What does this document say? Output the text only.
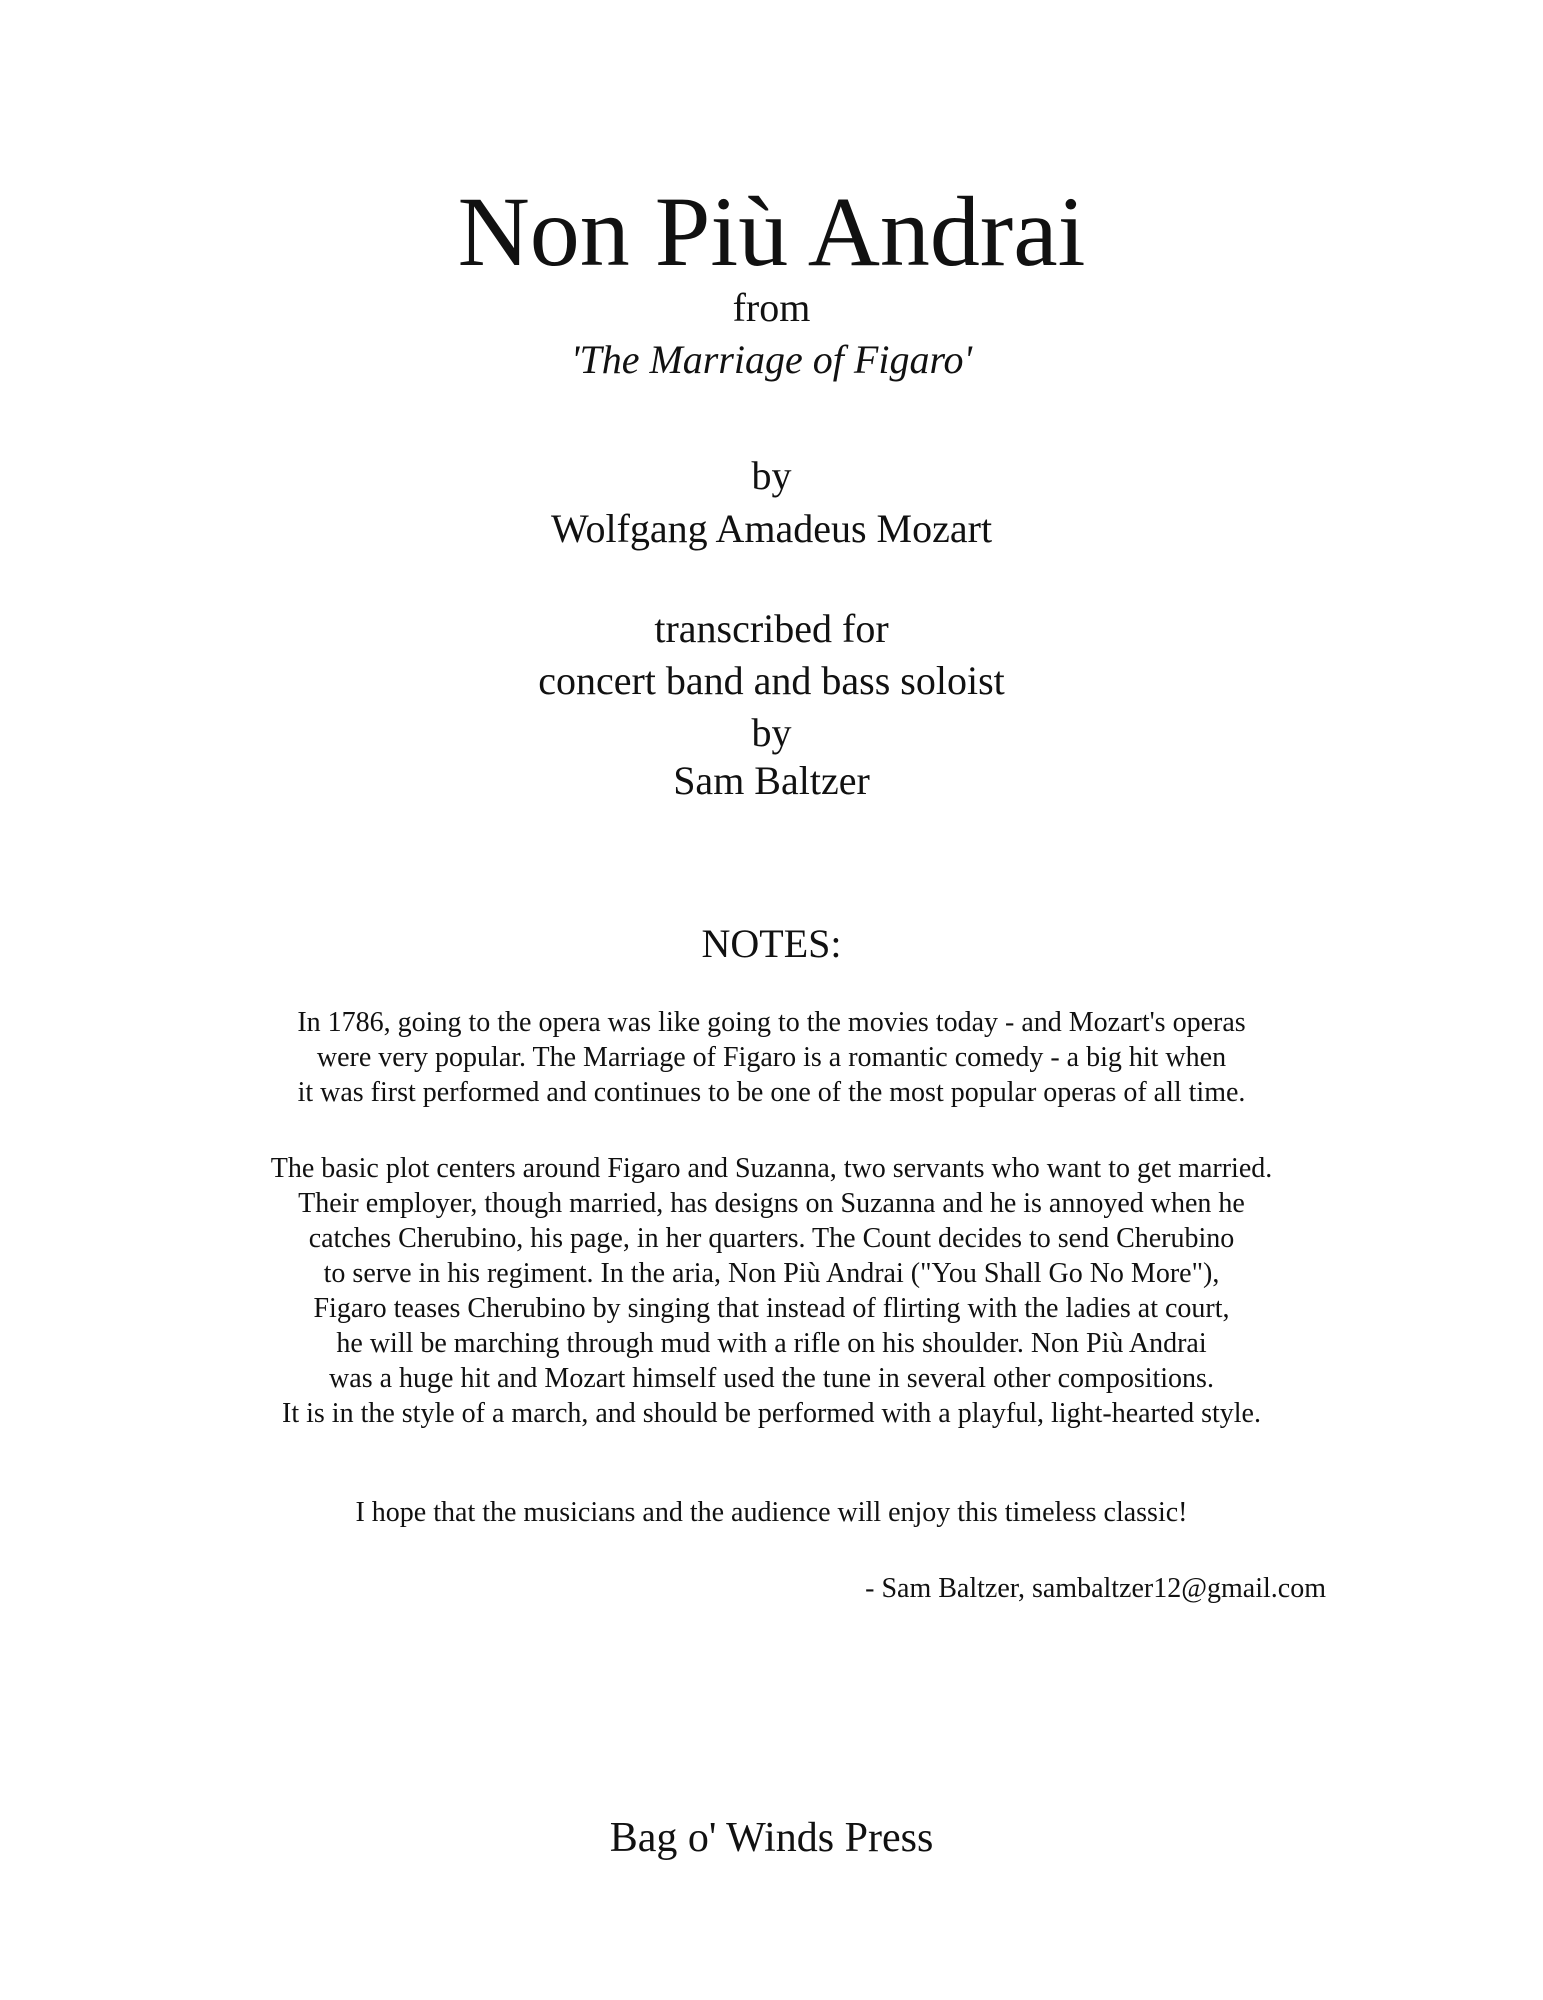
Non Più Andrai
from
'The Marriage of Figaro'
by
Wolfgang Amadeus Mozart
transcribed for
concert band and bass soloist
by
Sam Baltzer
NOTES:
In 1786, going to the opera was like going to the movies today - and Mozart's operas
were very popular. The Marriage of Figaro is a romantic comedy - a big hit when
it was first performed and continues to be one of the most popular operas of all time.
The basic plot centers around Figaro and Suzanna, two servants who want to get married.
Their employer, though married, has designs on Suzanna and he is annoyed when he
catches Cherubino, his page, in her quarters. The Count decides to send Cherubino
to serve in his regiment. In the aria, Non Più Andrai ("You Shall Go No More"),
Figaro teases Cherubino by singing that instead of flirting with the ladies at court,
he will be marching through mud with a rifle on his shoulder. Non Più Andrai
was a huge hit and Mozart himself used the tune in several other compositions.
It is in the style of a march, and should be performed with a playful, light-hearted style.
I hope that the musicians and the audience will enjoy this timeless classic!
- Sam Baltzer, sambaltzer12@gmail.com
Bag o' Winds Press
